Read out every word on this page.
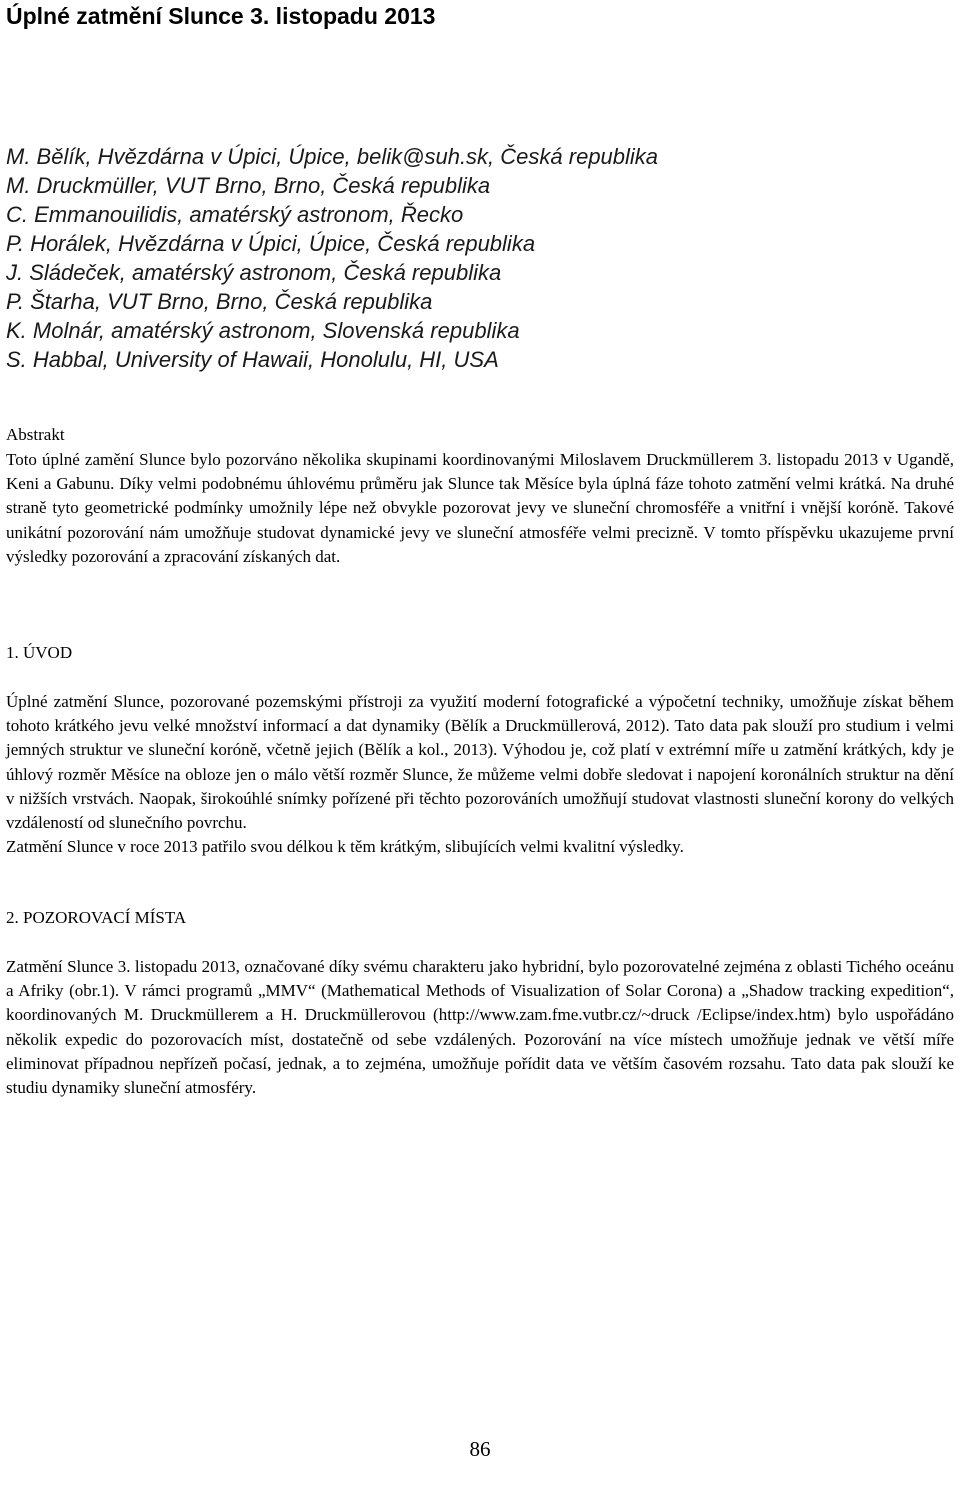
Úplné zatmění Slunce 3. listopadu 2013
M. Bělík, Hvězdárna v Úpici, Úpice, belik@suh.sk, Česká republika
M. Druckmüller, VUT Brno, Brno, Česká republika
C. Emmanouilidis, amatérský astronom, Řecko
P. Horálek, Hvězdárna v Úpici, Úpice, Česká republika
J. Sládeček, amatérský astronom, Česká republika
P. Štarha, VUT Brno, Brno, Česká republika
K. Molnár, amatérský astronom, Slovenská republika
S. Habbal, University of Hawaii, Honolulu, HI, USA
Abstrakt

Toto úplné zamění Slunce bylo pozorváno několika skupinami koordinovanými Miloslavem Druckmüllerem 3. listopadu 2013 v Ugandě, Keni a Gabunu. Díky velmi podobnému úhlovému průměru jak Slunce tak Měsíce byla úplná fáze tohoto zatmění velmi krátká. Na druhé straně tyto geometrické podmínky umožnily lépe než obvykle pozorovat jevy ve sluneční chromosféře a vnitřní i vnější koróně. Takové unikátní pozorování nám umožňuje studovat dynamické jevy ve sluneční atmosféře velmi precizně. V tomto příspěvku ukazujeme první výsledky pozorování a zpracování získaných dat.

1. ÚVOD

Úplné zatmění Slunce, pozorované pozemskými přístroji za využití moderní fotografické a výpočetní techniky, umožňuje získat během tohoto krátkého jevu velké množství informací a dat dynamiky (Bělík a Druckmüllerová, 2012). Tato data pak slouží pro studium i velmi jemných struktur ve sluneční koróně, včetně jejich (Bělík a kol., 2013). Výhodou je, což platí v extrémní míře u zatmění krátkých, kdy je úhlový rozměr Měsíce na obloze jen o málo větší rozměr Slunce, že můžeme velmi dobře sledovat i napojení koronálních struktur na dění v nižších vrstvách. Naopak, širokoúhlé snímky pořízené při těchto pozorováních umožňují studovat vlastnosti sluneční korony do velkých vzdáleností od slunečního povrchu.

Zatmění Slunce v roce 2013 patřilo svou délkou k těm krátkým, slibujících velmi kvalitní výsledky.

2. POZOROVACÍ MÍSTA

Zatmění Slunce 3. listopadu 2013, označované díky svému charakteru jako hybridní, bylo pozorovatelné zejména z oblasti Tichého oceánu a Afriky (obr.1). V rámci programů „MMV“ (Mathematical Methods of Visualization of Solar Corona) a „Shadow tracking expedition“, koordinovaných M. Druckmüllerem a H. Druckmüllerovou (http://www.zam.fme.vutbr.cz/~druck /Eclipse/index.htm) bylo uspořádáno několik expedic do pozorovacích míst, dostatečně od sebe vzdálených. Pozorování na více místech umožňuje jednak ve větší míře eliminovat případnou nepřízeň počasí, jednak, a to zejména, umožňuje pořídit data ve větším časovém rozsahu. Tato data pak slouží ke studiu dynamiky sluneční atmosféry.

86
